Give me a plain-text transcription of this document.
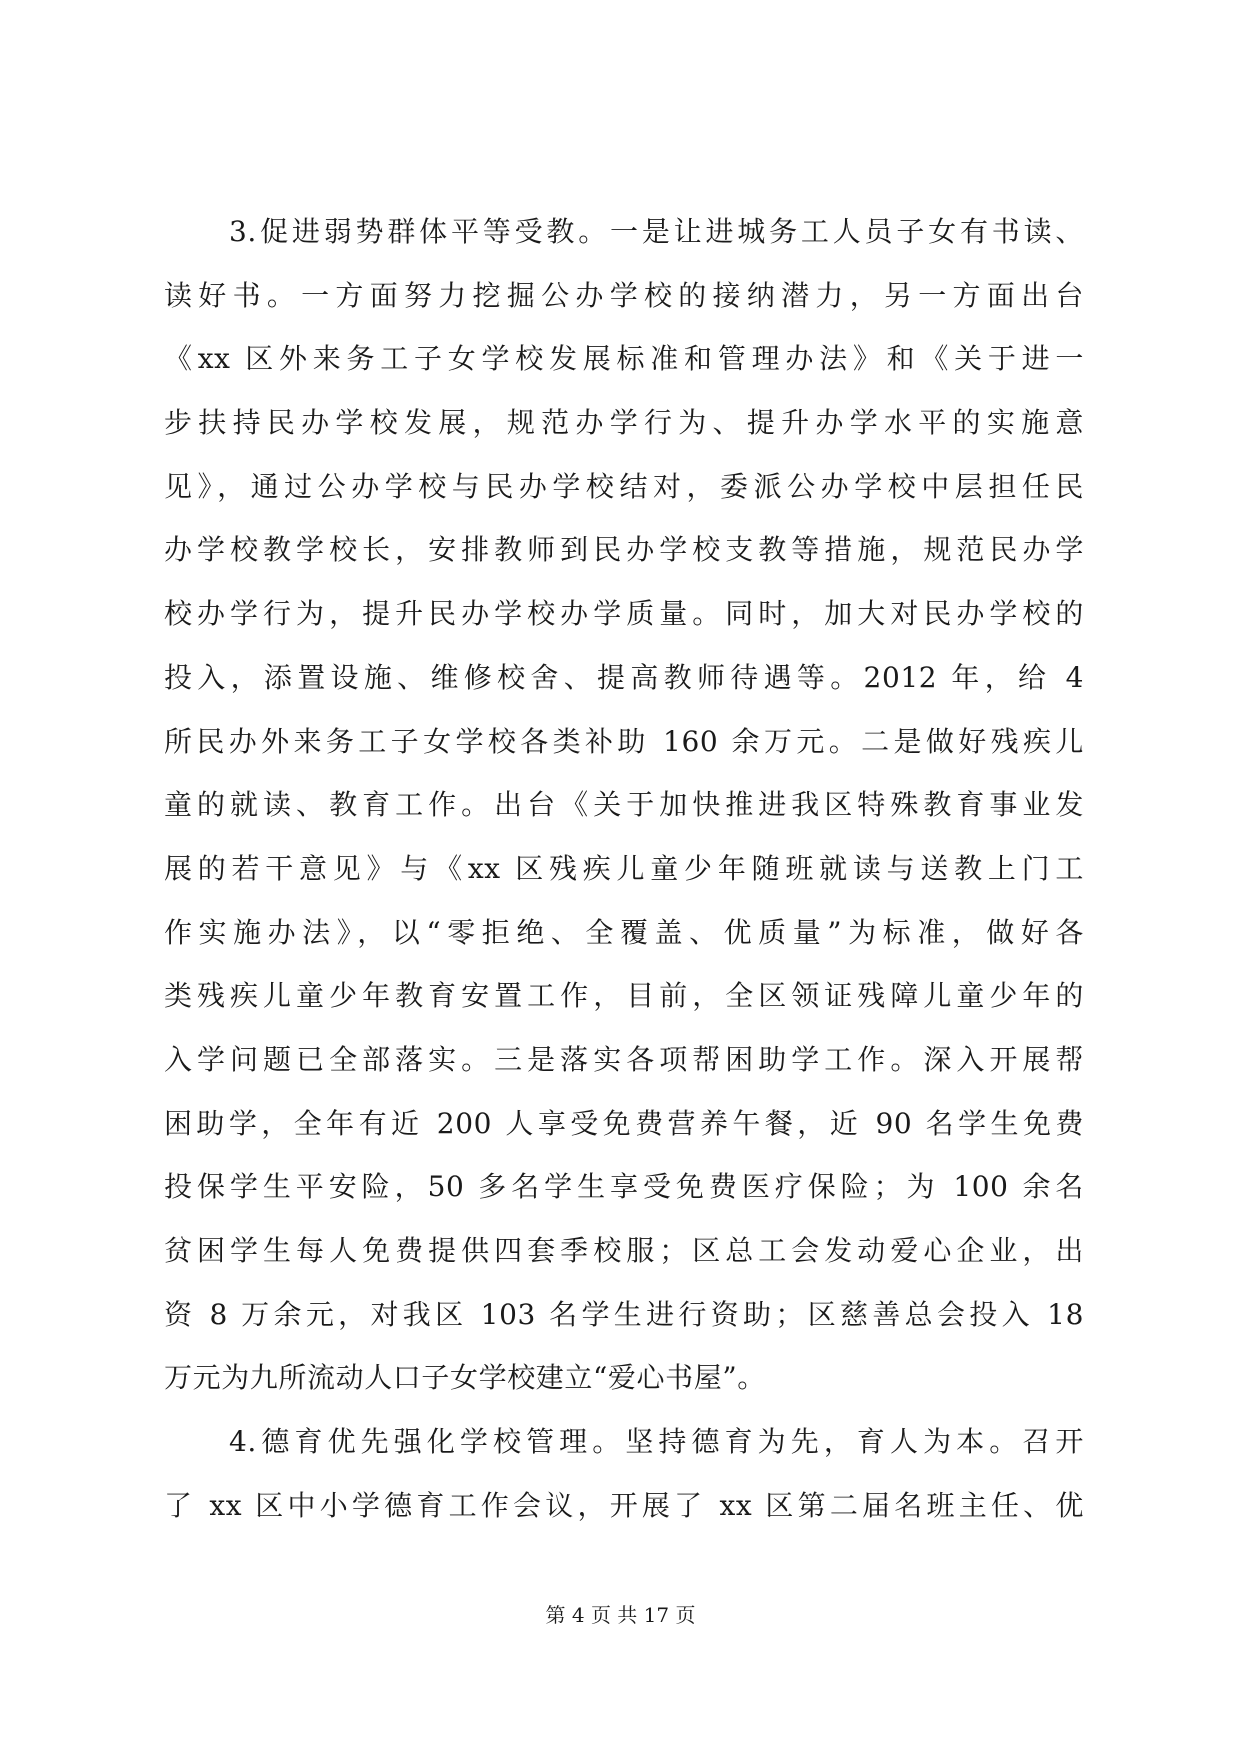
3.促进弱势群体平等受教。一是让进城务工人员子女有书读、
读好书。一方面努力挖掘公办学校的接纳潜力，另一方面出台
《xx 区外来务工子女学校发展标准和管理办法》和《关于进一
步扶持民办学校发展，规范办学行为、提升办学水平的实施意
见》，通过公办学校与民办学校结对，委派公办学校中层担任民
办学校教学校长，安排教师到民办学校支教等措施，规范民办学
校办学行为，提升民办学校办学质量。同时，加大对民办学校的
投入，添置设施、维修校舍、提高教师待遇等。2012 年，给 4
所民办外来务工子女学校各类补助 160 余万元。二是做好残疾儿
童的就读、教育工作。出台《关于加快推进我区特殊教育事业发
展的若干意见》与《xx 区残疾儿童少年随班就读与送教上门工
作实施办法》，以“零拒绝、全覆盖、优质量”为标准，做好各
类残疾儿童少年教育安置工作，目前，全区领证残障儿童少年的
入学问题已全部落实。三是落实各项帮困助学工作。深入开展帮
困助学，全年有近 200 人享受免费营养午餐，近 90 名学生免费
投保学生平安险，50 多名学生享受免费医疗保险；为 100 余名
贫困学生每人免费提供四套季校服；区总工会发动爱心企业，出
资 8 万余元，对我区 103 名学生进行资助；区慈善总会投入 18
万元为九所流动人口子女学校建立“爱心书屋”。
4.德育优先强化学校管理。坚持德育为先，育人为本。召开
了 xx 区中小学德育工作会议，开展了 xx 区第二届名班主任、优
第 4 页 共 17 页
